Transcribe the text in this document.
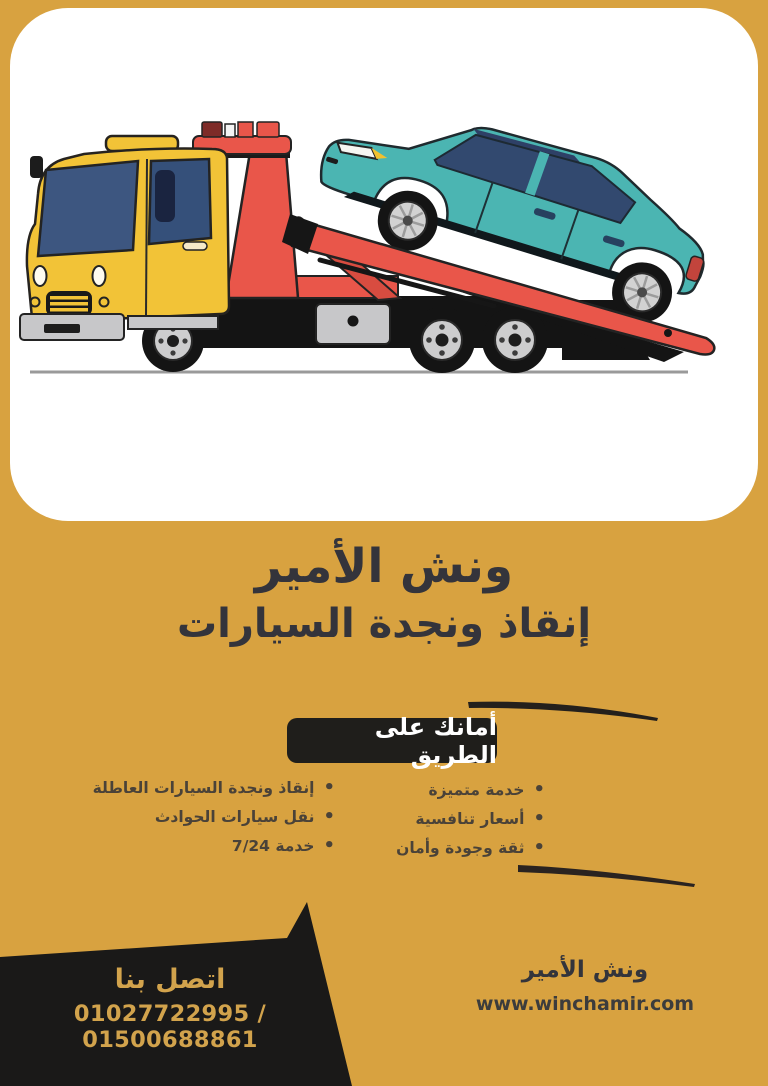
ونش الأمير
إنقاذ ونجدة السيارات
أمانك على الطريق
•
خدمة متميزة
•
أسعار تنافسية
•
ثقة وجودة وأمان
•
إنقاذ ونجدة السيارات العاطلة
•
نقل سيارات الحوادث
•
خدمة 7/24
اتصل بنا
01027722995 / 01500688861
ونش الأمير
www.winchamir.com
